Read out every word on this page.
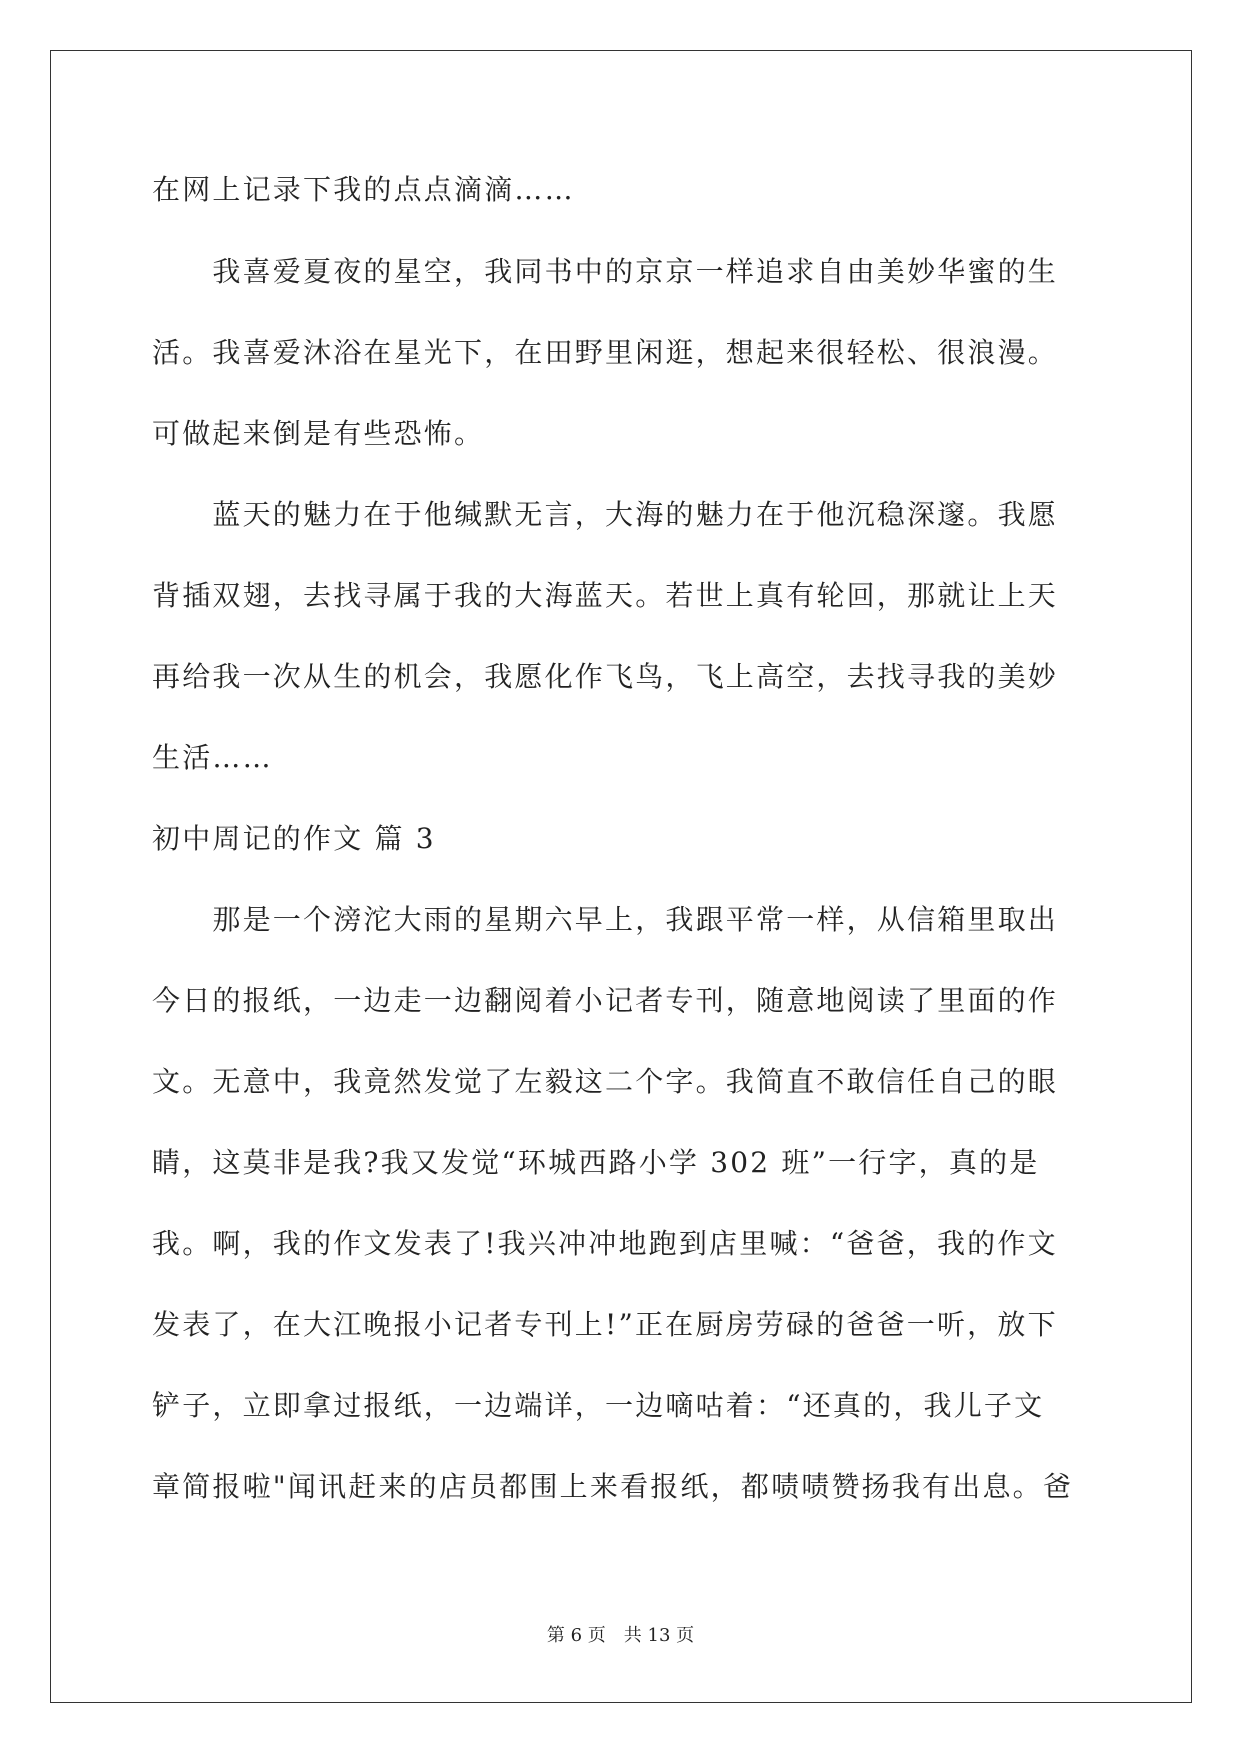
在网上记录下我的点点滴滴……
　　我喜爱夏夜的星空，我同书中的京京一样追求自由美妙华蜜的生
活。我喜爱沐浴在星光下，在田野里闲逛，想起来很轻松、很浪漫。
可做起来倒是有些恐怖。
　　蓝天的魅力在于他缄默无言，大海的魅力在于他沉稳深邃。我愿
背插双翅，去找寻属于我的大海蓝天。若世上真有轮回，那就让上天
再给我一次从生的机会，我愿化作飞鸟，飞上高空，去找寻我的美妙
生活……
初中周记的作文 篇 3
　　那是一个滂沱大雨的星期六早上，我跟平常一样，从信箱里取出
今日的报纸，一边走一边翻阅着小记者专刊，随意地阅读了里面的作
文。无意中，我竟然发觉了左毅这二个字。我简直不敢信任自己的眼
睛，这莫非是我?我又发觉“环城西路小学 302 班”一行字，真的是
我。啊，我的作文发表了!我兴冲冲地跑到店里喊：“爸爸，我的作文
发表了，在大江晚报小记者专刊上!”正在厨房劳碌的爸爸一听，放下
铲子，立即拿过报纸，一边端详，一边嘀咕着：“还真的，我儿子文
章简报啦"闻讯赶来的店员都围上来看报纸，都啧啧赞扬我有出息。爸
第 6 页　共 13 页
